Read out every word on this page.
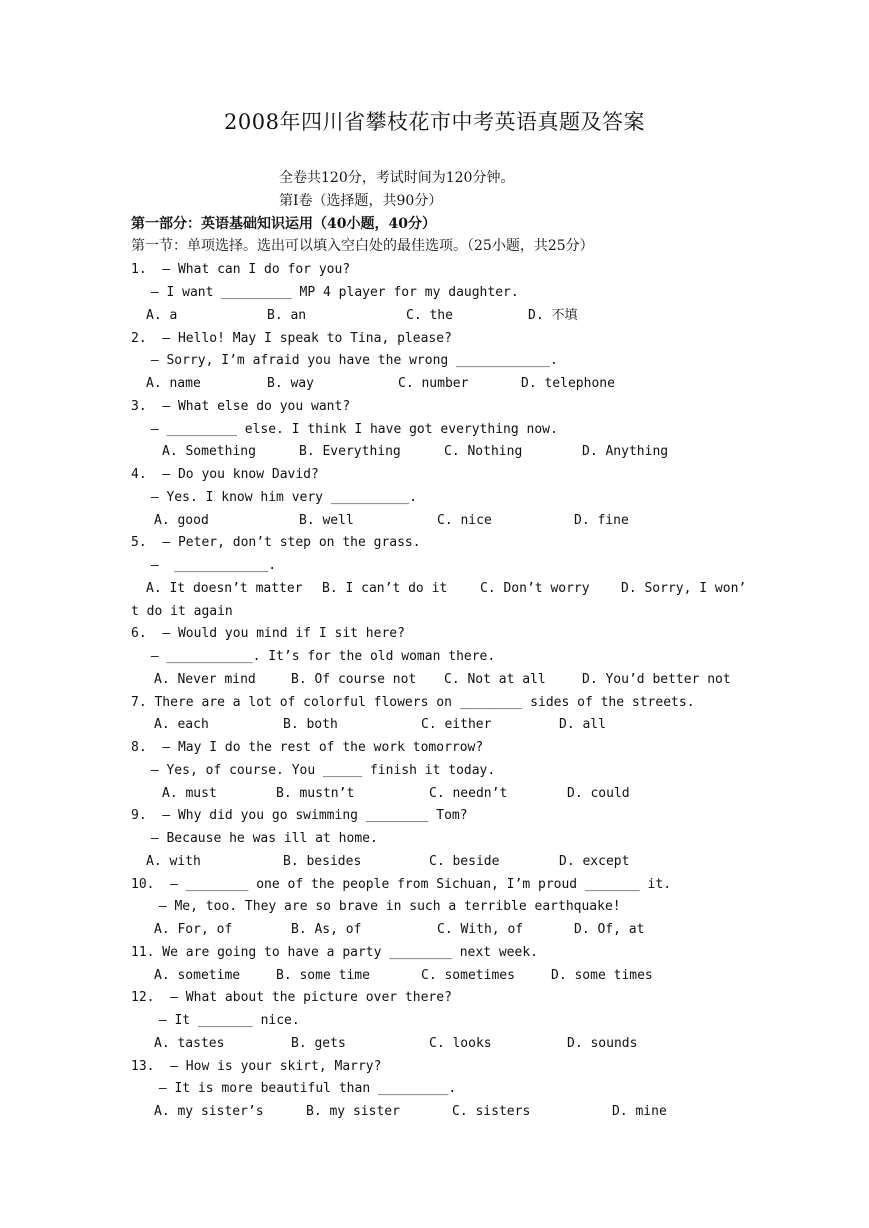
2008年四川省攀枝花市中考英语真题及答案
全卷共120分，考试时间为120分钟。
第Ⅰ卷（选择题，共90分）
第一部分：英语基础知识运用（40小题，40分）
第一节：单项选择。选出可以填入空白处的最佳选项。（25小题，共25分）
1.  – What can I do for you?
– I want _________ MP 4 player for my daughter.
A. a	B. an	C. the	D. 不填
2.  – Hello! May I speak to Tina, please?
– Sorry, I’m afraid you have the wrong ____________.
A. name	B. way	C. number	D. telephone
3.  – What else do you want?
– _________ else. I think I have got everything now.
A. Something	B. Everything	C. Nothing	D. Anything
4.  – Do you know David?
– Yes. I know him very __________.
A. good	B. well	C. nice	D. fine
5.  – Peter, don’t step on the grass.
–  ____________.
A. It doesn’t matter B. I can’t do it	C. Don’t worry D. Sorry, I won’
t do it again
6.  – Would you mind if I sit here?
– ___________. It’s for the old woman there.
A. Never mind	B. Of course not C. Not at all	D. You’d better not
7. There are a lot of colorful flowers on ________ sides of the streets.
A. each	B. both	C. either	D. all
8.  – May I do the rest of the work tomorrow?
– Yes, of course. You _____ finish it today.
A. must	B. mustn’t	C. needn’t	D. could
9.  – Why did you go swimming ________ Tom?
– Because he was ill at home.
A. with	B. besides	C. beside	D. except
10.  – ________ one of the people from Sichuan, I’m proud _______ it.
– Me, too. They are so brave in such a terrible earthquake!
A. For, of	B. As, of	C. With, of	D. Of, at
11. We are going to have a party ________ next week.
A. sometime	B. some time	C. sometimes	D. some times
12.  – What about the picture over there?
– It _______ nice.
A. tastes	B. gets	C. looks	D. sounds
13.  – How is your skirt, Marry?
– It is more beautiful than _________.
A. my sister’s	B. my sister	C. sisters	D. mine
